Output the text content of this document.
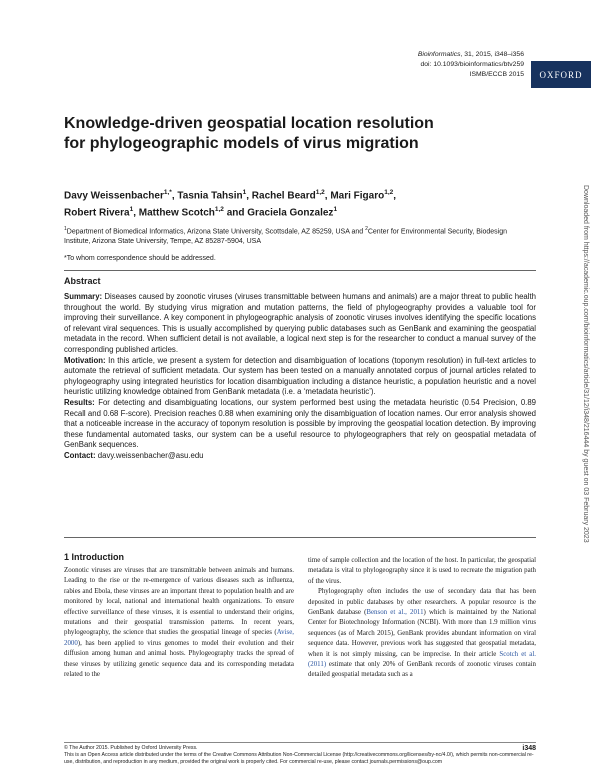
Bioinformatics, 31, 2015, i348–i356
doi: 10.1093/bioinformatics/btv259
ISMB/ECCB 2015	OXFORD
Knowledge-driven geospatial location resolution for phylogeographic models of virus migration
Davy Weissenbacher$^{1,*}$, Tasnia Tahsin$^1$, Rachel Beard$^{1,2}$, Mari Figaro$^{1,2}$,
Robert Rivera$^1$, Matthew Scotch$^{1,2}$ and Graciela Gonzalez$^1$
$^1$Department of Biomedical Informatics, Arizona State University, Scottsdale, AZ 85259, USA and $^2$Center for Environmental Security, Biodesign Institute, Arizona State University, Tempe, AZ 85287-5904, USA
*To whom correspondence should be addressed.
Abstract

Summary: Diseases caused by zoonotic viruses (viruses transmittable between humans and animals) are a major threat to public health throughout the world. By studying virus migration and mutation patterns, the field of phylogeography provides a valuable tool for improving their surveillance. A key component in phylogeographic analysis of zoonotic viruses involves identifying the specific locations of relevant viral sequences. This is usually accomplished by querying public databases such as GenBank and examining the geospatial metadata in the record. When sufficient detail is not available, a logical next step is for the researcher to conduct a manual survey of the corresponding published articles.

Motivation: In this article, we present a system for detection and disambiguation of locations (toponym resolution) in full-text articles to automate the retrieval of sufficient metadata. Our system has been tested on a manually annotated corpus of journal articles related to phylogeography using integrated heuristics for location disambiguation including a distance heuristic, a population heuristic and a novel heuristic utilizing knowledge obtained from GenBank metadata (i.e. a ‘metadata heuristic’).

Results: For detecting and disambiguating locations, our system performed best using the metadata heuristic (0.54 Precision, 0.89 Recall and 0.68 F-score). Precision reaches 0.88 when examining only the disambiguation of location names. Our error analysis showed that a noticeable increase in the accuracy of toponym resolution is possible by improving the geospatial location detection. By improving these fundamental automated tasks, our system can be a useful resource to phylogeographers that rely on geospatial metadata of GenBank sequences.

Contact: davy.weissenbacher@asu.edu

1 Introduction

Zoonotic viruses are viruses that are transmittable between animals and humans. Leading to the rise or the re-emergence of various diseases such as influenza, rabies and Ebola, these viruses are an important threat to population health and are monitored by local, national and international health organizations. To ensure effective surveillance of these viruses, it is essential to understand their origins, mutations and their geospatial transmission patterns. In recent years, phylogeography, the science that studies the geospatial lineage of species (Avise, 2000), has been applied to virus genomes to model their evolution and their diffusion among human and animal hosts. Phylogeography tracks the spread of these viruses by utilizing genetic sequence data and its corresponding metadata related to the

time of sample collection and the location of the host. In particular, the geospatial metadata is vital to phylogeography since it is used to recreate the migration path of the virus.

Phylogeography often includes the use of secondary data that has been deposited in public databases by other researchers. A popular resource is the GenBank database (Benson et al., 2011) which is maintained by the National Center for Biotechnology Information (NCBI). With more than 1.9 million virus sequences (as of March 2015), GenBank provides abundant information on viral sequence data. However, previous work has suggested that geospatial metadata, when it is not simply missing, can be imprecise. In their article Scotch et al. (2011) estimate that only 20% of GenBank records of zoonotic viruses contain detailed geospatial metadata such as a

© The Author 2015. Published by Oxford University Press.
This is an Open Access article distributed under the terms of the Creative Commons Attribution Non-Commercial License (http://creativecommons.org/licenses/by-nc/4.0/), which permits non-commercial re-use, distribution, and reproduction in any medium, provided the original work is properly cited. For commercial re-use, please contact journals.permissions@oup.com
i348
Downloaded from https://academic.oup.com/bioinformatics/article/31/12/i348/216444 by guest on 03 February 2023
